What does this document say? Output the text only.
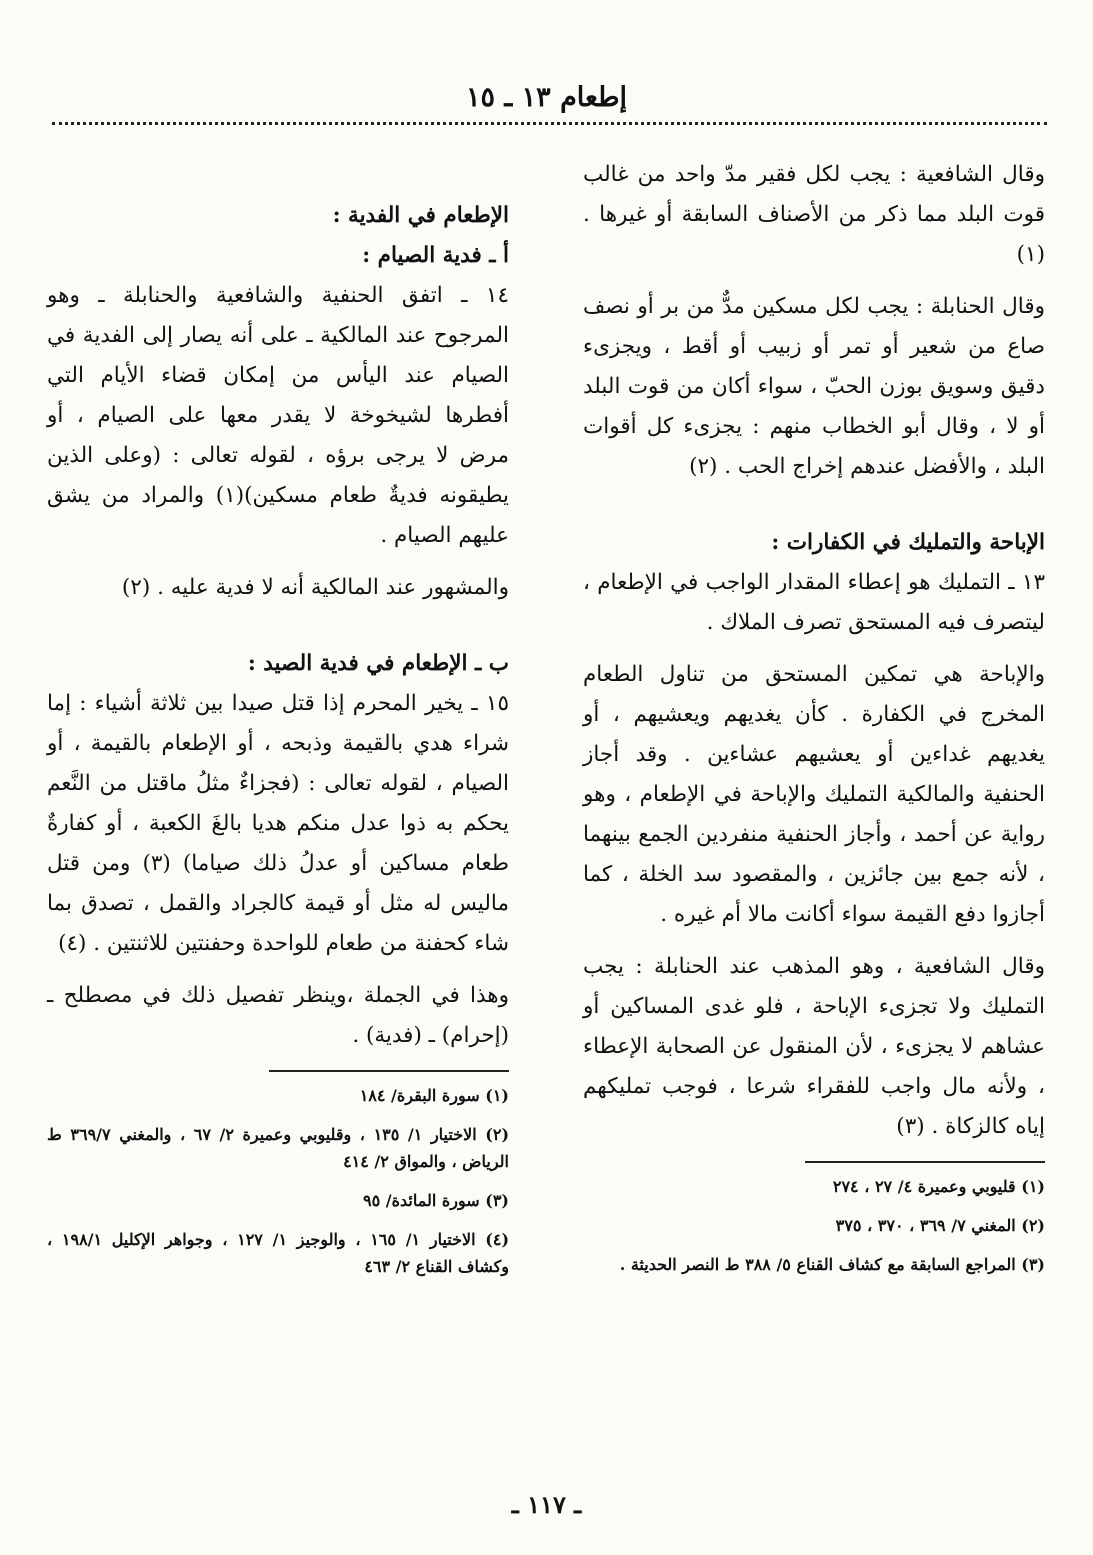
إطعام ١٣ ـ ١٥

وقال الشافعية : يجب لكل فقير مدّ واحد من غالب قوت البلد مما ذكر من الأصناف السابقة أو غيرها . (١)

وقال الحنابلة : يجب لكل مسكين مدٌّ من بر أو نصف صاع من شعير أو تمر أو زبيب أو أقط ، ويجزىء دقيق وسويق بوزن الحبّ ، سواء أكان من قوت البلد أو لا ، وقال أبو الخطاب منهم : يجزىء كل أقوات البلد ، والأفضل عندهم إخراج الحب . (٢)

الإباحة والتمليك في الكفارات :

١٣ ـ التمليك هو إعطاء المقدار الواجب في الإطعام ، ليتصرف فيه المستحق تصرف الملاك .

والإباحة هي تمكين المستحق من تناول الطعام المخرج في الكفارة . كأن يغديهم ويعشيهم ، أو يغديهم غداءين أو يعشيهم عشاءين . وقد أجاز الحنفية والمالكية التمليك والإباحة في الإطعام ، وهو رواية عن أحمد ، وأجاز الحنفية منفردين الجمع بينهما ، لأنه جمع بين جائزين ، والمقصود سد الخلة ، كما أجازوا دفع القيمة سواء أكانت مالا أم غيره .

وقال الشافعية ، وهو المذهب عند الحنابلة : يجب التمليك ولا تجزىء الإباحة ، فلو غدى المساكين أو عشاهم لا يجزىء ، لأن المنقول عن الصحابة الإعطاء ، ولأنه مال واجب للفقراء شرعا ، فوجب تمليكهم إياه كالزكاة . (٣)

(١) قليوبي وعميرة ٤/ ٢٧ ، ٢٧٤

(٢) المغني ٧/ ٣٦٩ ، ٣٧٠ ، ٣٧٥

(٣) المراجع السابقة مع كشاف القناع ٥/ ٣٨٨ ط النصر الحديثة .

الإطعام في الفدية :
أ ـ فدية الصيام :

١٤ ـ اتفق الحنفية والشافعية والحنابلة ـ وهو المرجوح عند المالكية ـ على أنه يصار إلى الفدية في الصيام عند اليأس من إمكان قضاء الأيام التي أفطرها لشيخوخة لا يقدر معها على الصيام ، أو مرض لا يرجى برؤه ، لقوله تعالى : (وعلى الذين يطيقونه فديةٌ طعام مسكين)(١) والمراد من يشق عليهم الصيام .

والمشهور عند المالكية أنه لا فدية عليه . (٢)

ب ـ الإطعام في فدية الصيد :

١٥ ـ يخير المحرم إذا قتل صيدا بين ثلاثة أشياء : إما شراء هدي بالقيمة وذبحه ، أو الإطعام بالقيمة ، أو الصيام ، لقوله تعالى : (فجزاءٌ مثلُ ماقتل من النَّعم يحكم به ذوا عدل منكم هديا بالغَ الكعبة ، أو كفارةٌ طعام مساكين أو عدلُ ذلك صياما) (٣) ومن قتل ماليس له مثل أو قيمة كالجراد والقمل ، تصدق بما شاء كحفنة من طعام للواحدة وحفنتين للاثنتين . (٤)

وهذا في الجملة ،وينظر تفصيل ذلك في مصطلح ـ (إحرام) ـ (فدية) .

(١) سورة البقرة/ ١٨٤

(٢) الاختيار ١/ ١٣٥ ، وقليوبي وعميرة ٢/ ٦٧ ، والمغني ٣٦٩/٧ ط الرياض ، والمواق ٢/ ٤١٤

(٣) سورة المائدة/ ٩٥

(٤) الاختيار ١/ ١٦٥ ، والوجيز ١/ ١٢٧ ، وجواهر الإكليل ١٩٨/١ ، وكشاف القناع ٢/ ٤٦٣

ـ ١١٧ ـ
